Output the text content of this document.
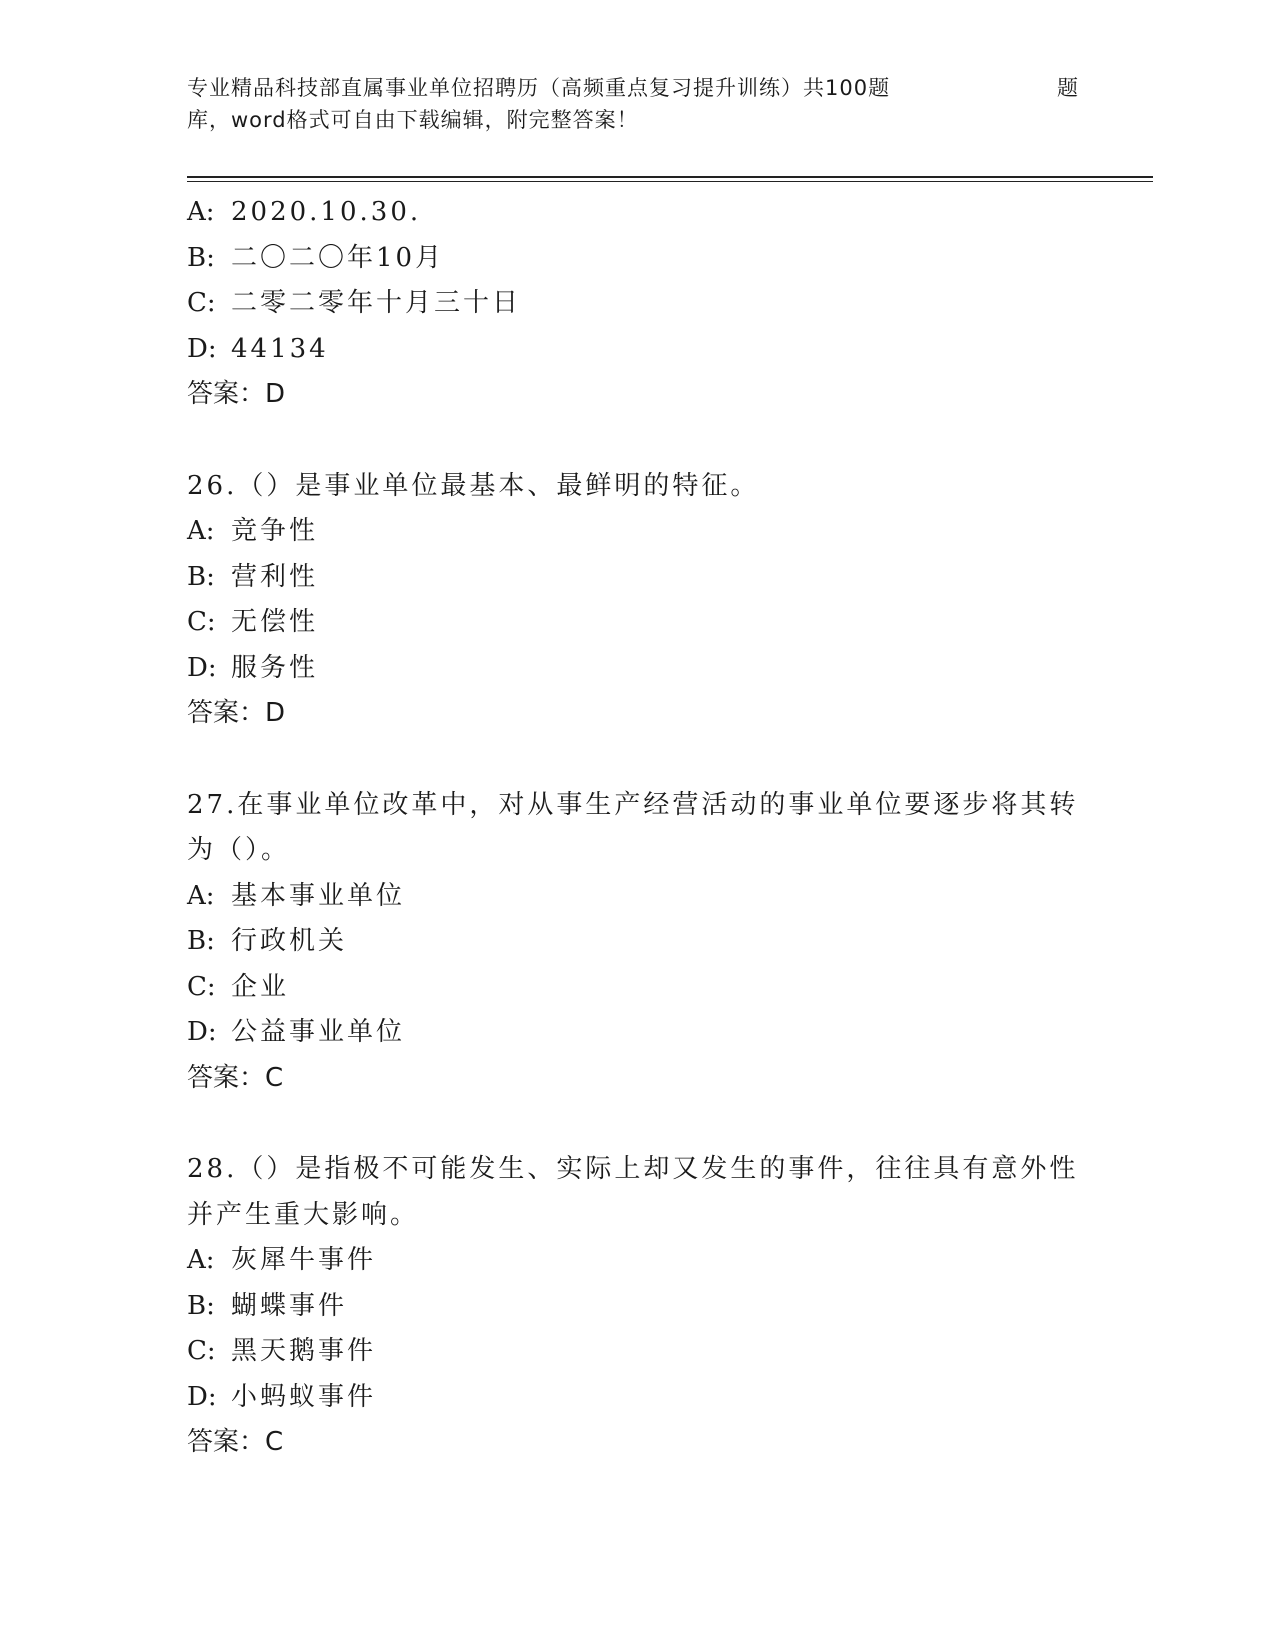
专业精品科技部直属事业单位招聘历（高频重点复习提升训练）共100题	题
库，word格式可自由下载编辑，附完整答案！
A: 2020.10.30.
B: 二〇二〇年10月
C: 二零二零年十月三十日
D: 44134
答案：D
26.（）是事业单位最基本、最鲜明的特征。
A: 竞争性
B: 营利性
C: 无偿性
D: 服务性
答案：D
27.在事业单位改革中，对从事生产经营活动的事业单位要逐步将其转
为（）。
A: 基本事业单位
B: 行政机关
C: 企业
D: 公益事业单位
答案：C
28.（）是指极不可能发生、实际上却又发生的事件，往往具有意外性
并产生重大影响。
A: 灰犀牛事件
B: 蝴蝶事件
C: 黑天鹅事件
D: 小蚂蚁事件
答案：C
